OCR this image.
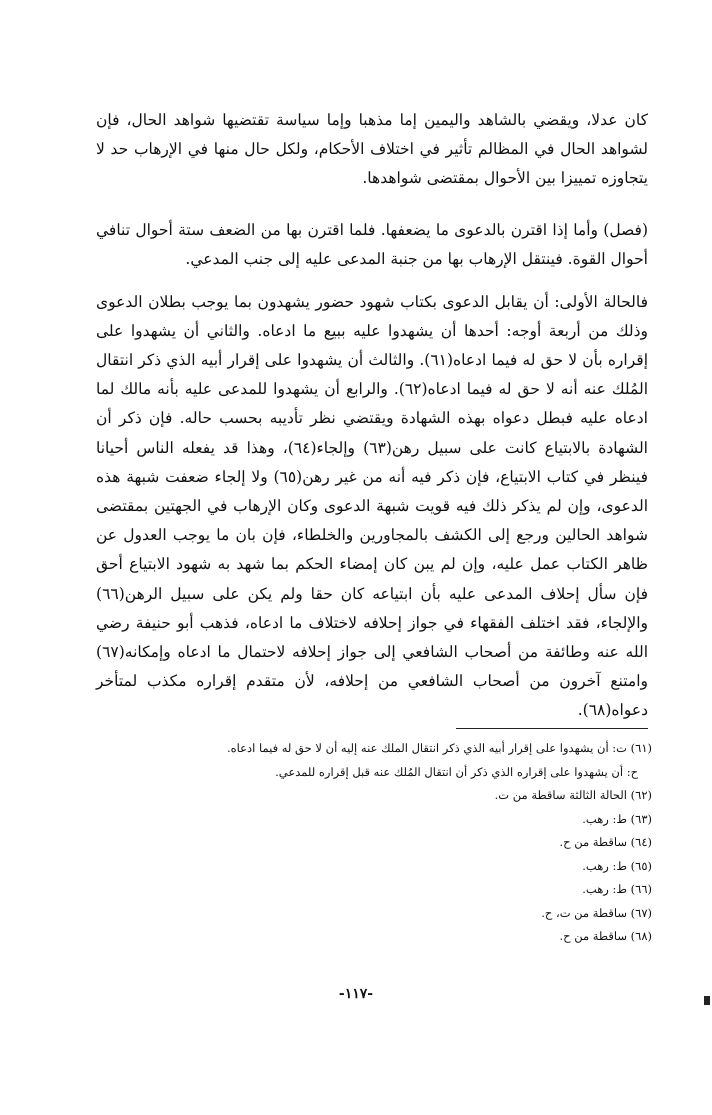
كان عدلا، ويقضي بالشاهد واليمين إما مذهبا وإما سياسة تقتضيها شواهد الحال، فإن لشواهد الحال في المظالم تأثير في اختلاف الأحكام، ولكل حال منها في الإرهاب حد لا يتجاوزه تمييزا بين الأحوال بمقتضى شواهدها.

(فصل) وأما إذا اقترن بالدعوى ما يضعفها. فلما اقترن بها من الضعف ستة أحوال تنافي أحوال القوة. فينتقل الإرهاب بها من جنبة المدعى عليه إلى جنب المدعي.

فالحالة الأولى: أن يقابل الدعوى بكتاب شهود حضور يشهدون بما يوجب بطلان الدعوى وذلك من أربعة أوجه: أحدها أن يشهدوا عليه ببيع ما ادعاه. والثاني أن يشهدوا على إقراره بأن لا حق له فيما ادعاه(٦١). والثالث أن يشهدوا على إقرار أبيه الذي ذكر انتقال المُلك عنه أنه لا حق له فيما ادعاه(٦٢). والرابع أن يشهدوا للمدعى عليه بأنه مالك لما ادعاه عليه فبطل دعواه بهذه الشهادة ويقتضي نظر تأديبه بحسب حاله. فإن ذكر أن الشهادة بالابتياع كانت على سبيل رهن(٦٣) وإلجاء(٦٤)، وهذا قد يفعله الناس أحيانا فينظر في كتاب الابتياع، فإن ذكر فيه أنه من غير رهن(٦٥) ولا إلجاء ضعفت شبهة هذه الدعوى، وإن لم يذكر ذلك فيه قويت شبهة الدعوى وكان الإرهاب في الجهتين بمقتضى شواهد الحالين ورجع إلى الكشف بالمجاورين والخلطاء، فإن بان ما يوجب العدول عن ظاهر الكتاب عمل عليه، وإن لم يبن كان إمضاء الحكم بما شهد به شهود الابتياع أحق فإن سأل إحلاف المدعى عليه بأن ابتياعه كان حقا ولم يكن على سبيل الرهن(٦٦) والإلجاء، فقد اختلف الفقهاء في جواز إحلافه لاختلاف ما ادعاه، فذهب أبو حنيفة رضي الله عنه وطائفة من أصحاب الشافعي إلى جواز إحلافه لاحتمال ما ادعاه وإمكانه(٦٧) وامتنع آخرون من أصحاب الشافعي من إحلافه، لأن متقدم إقراره مكذب لمتأخر دعواه(٦٨).

(٦١) ت: أن يشهدوا على إقرار أبيه الذي ذكر انتقال الملك عنه إليه أن لا حق له فيما ادعاه.
ح: أن يشهدوا على إقراره الذي ذكر أن انتقال المُلك عنه قبل إقراره للمدعي.
(٦٢) الحالة الثالثة ساقطة من ت.
(٦٣) ط: رهب.
(٦٤) ساقطة من ح.
(٦٥) ط: رهب.
(٦٦) ط: رهب.
(٦٧) ساقطة من ت، ح.
(٦٨) ساقطة من ح.
-١١٧-
